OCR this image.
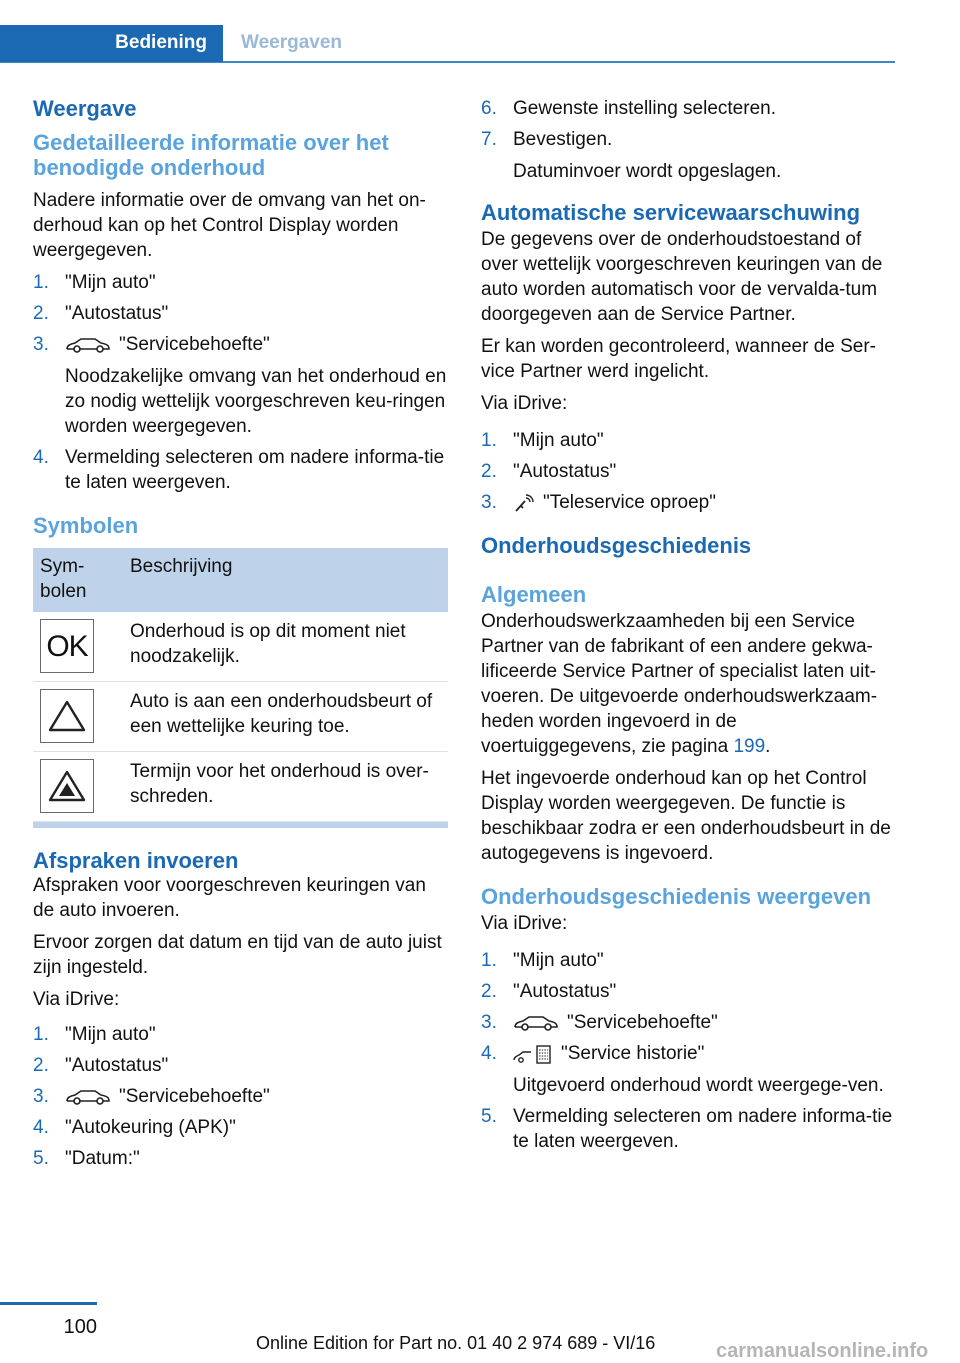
Bediening	Weergaven
Weergave
Gedetailleerde informatie over het benodigde onderhoud

Nadere informatie over de omvang van het on-derhoud kan op het Control Display worden weergegeven.

1. "Mijn auto"
2. "Autostatus"
3.	"Servicebehoefte"
Noodzakelijke omvang van het onderhoud en zo nodig wettelijk voorgeschreven keu-ringen worden weergegeven.
4. Vermelding selecteren om nadere informa-tie te laten weergeven.
Symbolen
Sym-bolen	Beschrijving

OK	Onderhoud is op dit moment niet noodzakelijk.

	Auto is aan een onderhoudsbeurt of een wettelijke keuring toe.

	Termijn voor het onderhoud is over-schreden.
Afspraken invoeren

Afspraken voor voorgeschreven keuringen van de auto invoeren.

Ervoor zorgen dat datum en tijd van de auto juist zijn ingesteld.

Via iDrive:

1. "Mijn auto"
2. "Autostatus"
3.	"Servicebehoefte"
4. "Autokeuring (APK)"
5. "Datum:"
6. Gewenste instelling selecteren.
7. Bevestigen.
Datuminvoer wordt opgeslagen.
Automatische servicewaarschuwing

De gegevens over de onderhoudstoestand of over wettelijk voorgeschreven keuringen van de auto worden automatisch voor de vervalda-tum doorgegeven aan de Service Partner.

Er kan worden gecontroleerd, wanneer de Ser-vice Partner werd ingelicht.

Via iDrive:

1. "Mijn auto"
2. "Autostatus"
3. "Teleservice oproep"
Onderhoudsgeschiedenis
Algemeen

Onderhoudswerkzaamheden bij een Service Partner van de fabrikant of een andere gekwa-lificeerde Service Partner of specialist laten uit-voeren. De uitgevoerde onderhoudswerkzaam-heden worden ingevoerd in de voertuiggegevens, zie pagina 199.

Het ingevoerde onderhoud kan op het Control Display worden weergegeven. De functie is beschikbaar zodra er een onderhoudsbeurt in de autogegevens is ingevoerd.

Onderhoudsgeschiedenis weergeven

Via iDrive:

1. "Mijn auto"
2. "Autostatus"
3.	"Servicebehoefte"
4.	"Service historie"
Uitgevoerd onderhoud wordt weergege-ven.
5. Vermelding selecteren om nadere informa-tie te laten weergeven.
100
Online Edition for Part no. 01 40 2 974 689 - VI/16	carmanualsonline.info
